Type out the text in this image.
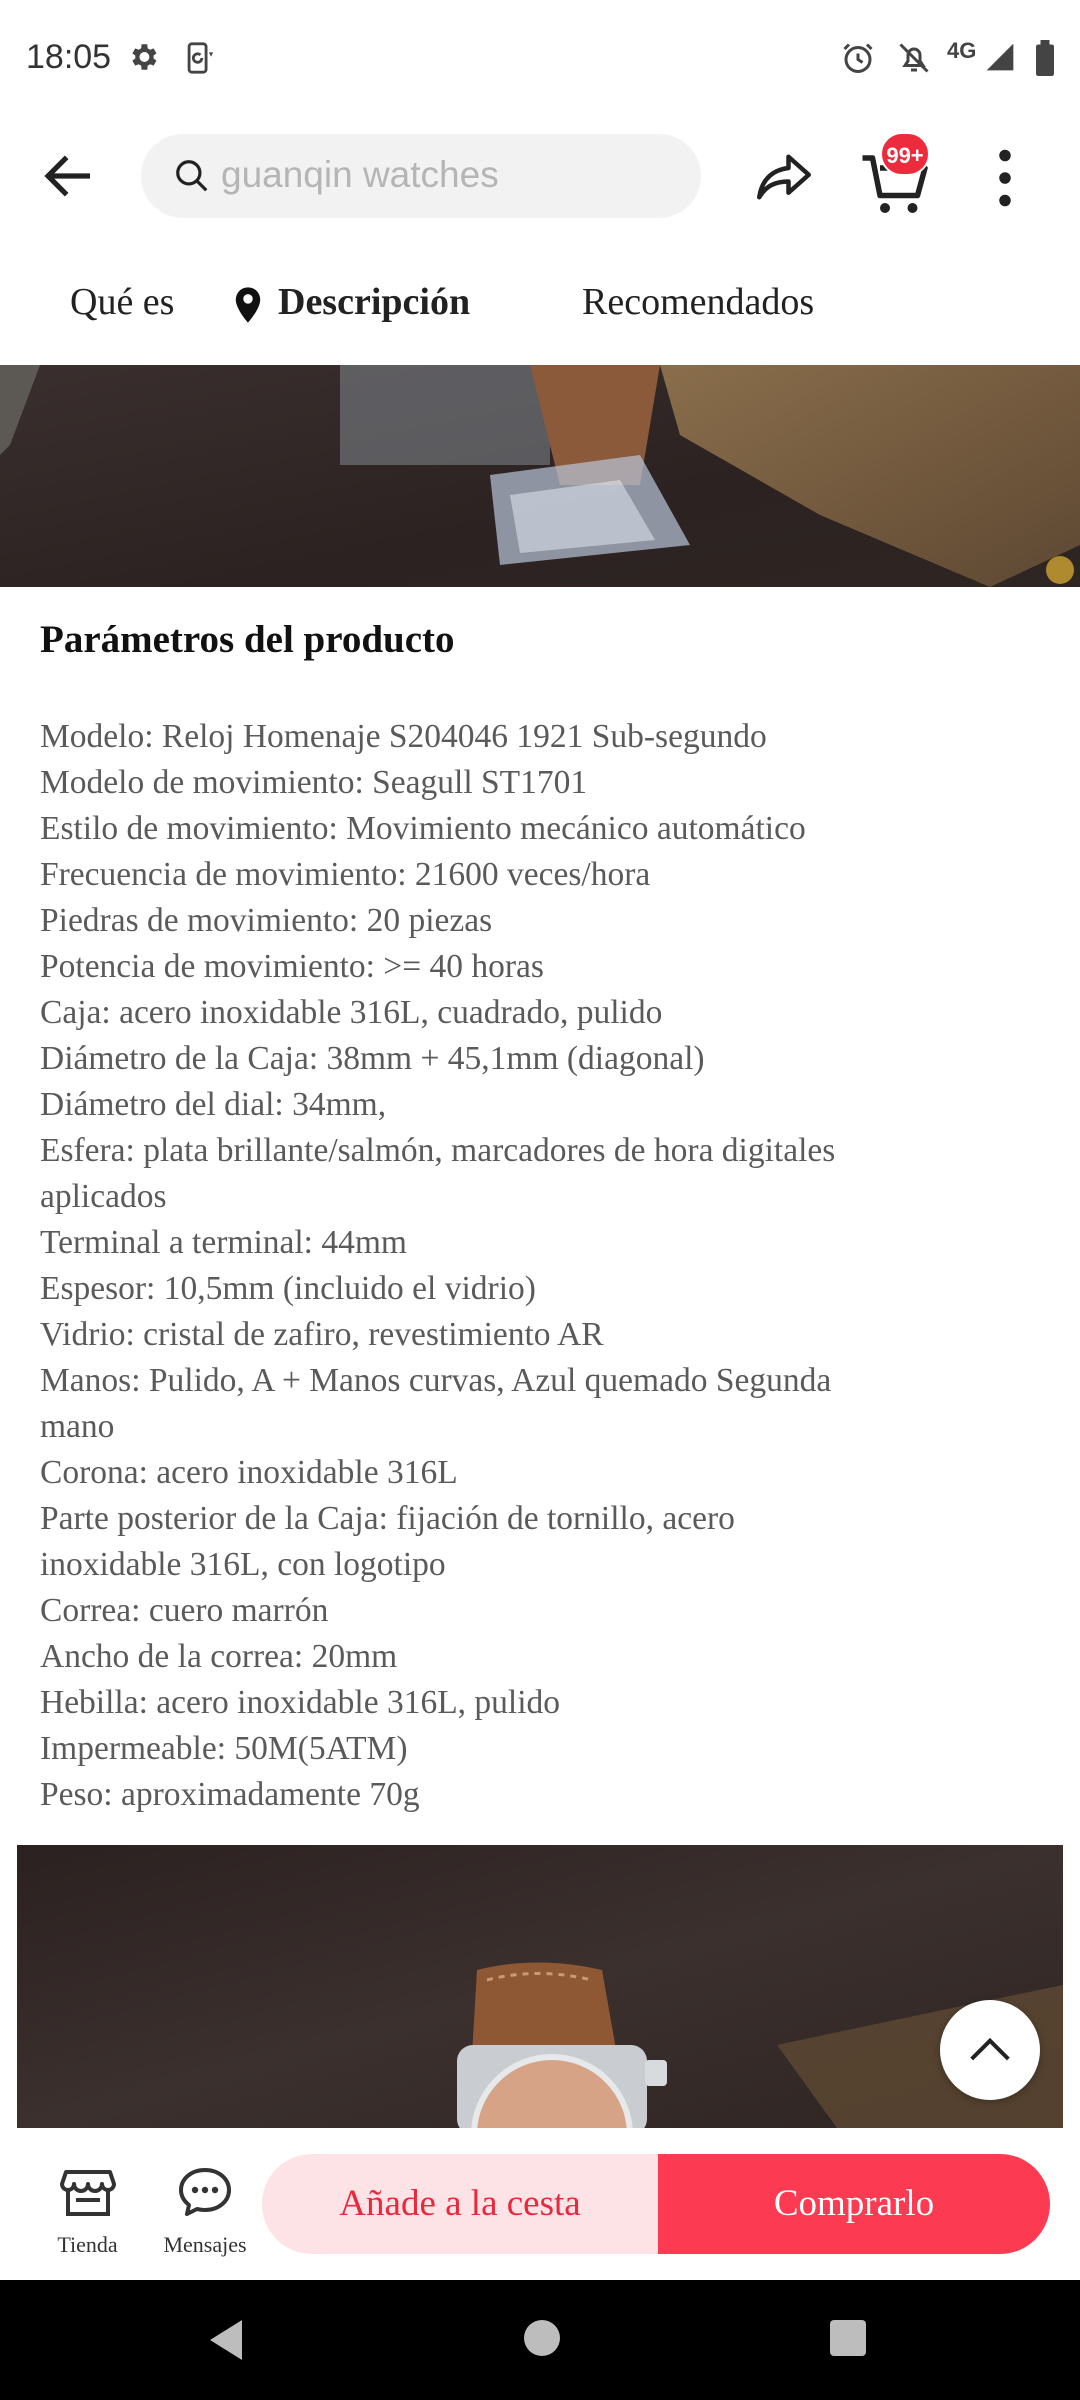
18:05	4G
guanqin watches	99+
Qué es	Descripción	Recomendados
Parámetros del producto
Modelo: Reloj Homenaje S204046 1921 Sub-segundo
Modelo de movimiento: Seagull ST1701
Estilo de movimiento: Movimiento mecánico automático
Frecuencia de movimiento: 21600 veces/hora
Piedras de movimiento: 20 piezas
Potencia de movimiento: >= 40 horas
Caja: acero inoxidable 316L, cuadrado, pulido
Diámetro de la Caja: 38mm + 45,1mm (diagonal)
Diámetro del dial: 34mm,
Esfera: plata brillante/salmón, marcadores de hora digitales
aplicados
Terminal a terminal: 44mm
Espesor: 10,5mm (incluido el vidrio)
Vidrio: cristal de zafiro, revestimiento AR
Manos: Pulido, A + Manos curvas, Azul quemado Segunda
mano
Corona: acero inoxidable 316L
Parte posterior de la Caja: fijación de tornillo, acero
inoxidable 316L, con logotipo
Correa: cuero marrón
Ancho de la correa: 20mm
Hebilla: acero inoxidable 316L, pulido
Impermeable: 50M(5ATM)
Peso: aproximadamente 70g
Tienda	Mensajes
Añade a la cesta	Comprarlo
